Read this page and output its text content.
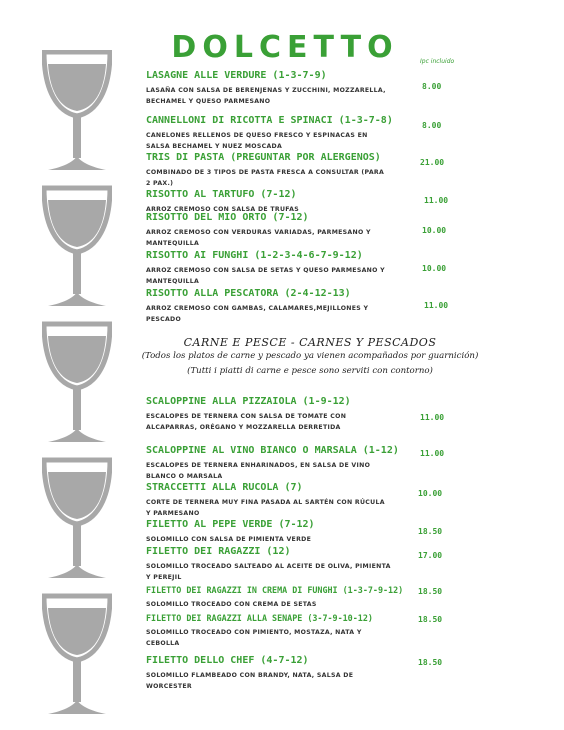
DOLCETTO	Ipc incluido
LASAGNE ALLE VERDURE (1-3-7-9)
LASAÑA CON SALSA DE BERENJENAS Y ZUCCHINI, MOZZARELLA, BECHAMEL Y QUESO PARMESANO
8.00
CANNELLONI DI RICOTTA E SPINACI (1-3-7-8)
CANELONES RELLENOS DE QUESO FRESCO Y ESPINACAS EN SALSA BECHAMEL Y NUEZ MOSCADA
8.00
TRIS DI PASTA (PREGUNTAR POR ALERGENOS)
COMBINADO DE 3 TIPOS DE PASTA FRESCA A CONSULTAR (PARA 2 PAX.)
21.00
RISOTTO AL TARTUFO (7-12)
ARROZ CREMOSO CON SALSA DE TRUFAS
11.00
RISOTTO DEL MIO ORTO (7-12)
ARROZ CREMOSO CON VERDURAS VARIADAS, PARMESANO Y MANTEQUILLA
10.00
RISOTTO AI FUNGHI (1-2-3-4-6-7-9-12)
ARROZ CREMOSO CON SALSA DE SETAS Y QUESO PARMESANO Y MANTEQUILLA
10.00
RISOTTO ALLA PESCATORA (2-4-12-13)
ARROZ CREMOSO CON GAMBAS, CALAMARES,MEJILLONES Y PESCADO
11.00
CARNE E PESCE - CARNES Y PESCADOS
(Todos los platos de carne y pescado ya vienen acompañados por guarnición)
(Tutti i piatti di carne e pesce sono serviti con contorno)
SCALOPPINE ALLA PIZZAIOLA (1-9-12)
ESCALOPES DE TERNERA CON SALSA DE TOMATE CON ALCAPARRAS, ORÉGANO Y MOZZARELLA DERRETIDA
11.00
SCALOPPINE AL VINO BIANCO O MARSALA (1-12)
ESCALOPES DE TERNERA ENHARINADOS, EN SALSA DE VINO BLANCO O MARSALA
11.00
STRACCETTI ALLA RUCOLA (7)
CORTE DE TERNERA MUY FINA PASADA AL SARTÉN CON RÚCULA Y PARMESANO
10.00
FILETTO AL PEPE VERDE (7-12)
SOLOMILLO CON SALSA DE PIMIENTA VERDE
18.50
FILETTO DEI RAGAZZI (12)
SOLOMILLO TROCEADO SALTEADO AL ACEITE DE OLIVA, PIMIENTA Y PEREJIL
17.00
FILETTO DEI RAGAZZI IN CREMA DI FUNGHI (1-3-7-9-12)
SOLOMILLO TROCEADO CON CREMA DE SETAS
18.50
FILETTO DEI RAGAZZI ALLA SENAPE (3-7-9-10-12)
SOLOMILLO TROCEADO CON PIMIENTO, MOSTAZA, NATA Y CEBOLLA
18.50
FILETTO DELLO CHEF (4-7-12)
SOLOMILLO FLAMBEADO CON BRANDY, NATA, SALSA DE WORCESTER
18.50
